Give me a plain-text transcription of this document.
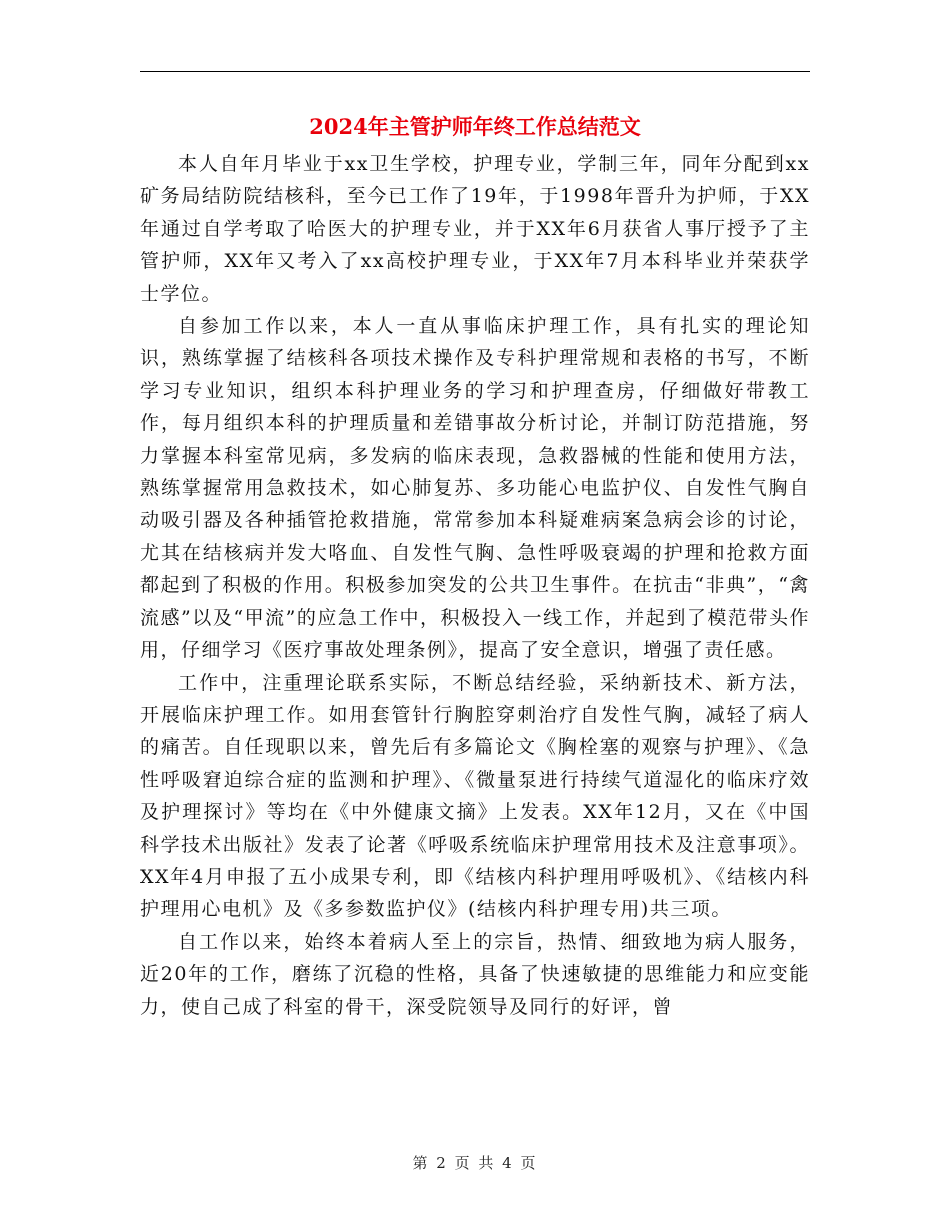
2024年主管护师年终工作总结范文

本人自年月毕业于xx卫生学校，护理专业，学制三年，同年分配到xx矿务局结防院结核科，至今已工作了19年，于1998年晋升为护师，于XX年通过自学考取了哈医大的护理专业，并于XX年6月获省人事厅授予了主管护师，XX年又考入了xx高校护理专业，于XX年7月本科毕业并荣获学士学位。

自参加工作以来，本人一直从事临床护理工作，具有扎实的理论知识，熟练掌握了结核科各项技术操作及专科护理常规和表格的书写，不断学习专业知识，组织本科护理业务的学习和护理查房，仔细做好带教工作，每月组织本科的护理质量和差错事故分析讨论，并制订防范措施，努力掌握本科室常见病，多发病的临床表现，急救器械的性能和使用方法，熟练掌握常用急救技术，如心肺复苏、多功能心电监护仪、自发性气胸自动吸引器及各种插管抢救措施，常常参加本科疑难病案急病会诊的讨论，尤其在结核病并发大咯血、自发性气胸、急性呼吸衰竭的护理和抢救方面都起到了积极的作用。积极参加突发的公共卫生事件。在抗击“非典”，“禽流感”以及“甲流”的应急工作中，积极投入一线工作，并起到了模范带头作用，仔细学习《医疗事故处理条例》，提高了安全意识，增强了责任感。

工作中，注重理论联系实际，不断总结经验，采纳新技术、新方法，开展临床护理工作。如用套管针行胸腔穿刺治疗自发性气胸，减轻了病人的痛苦。自任现职以来，曾先后有多篇论文《胸栓塞的观察与护理》、《急性呼吸窘迫综合症的监测和护理》、《微量泵进行持续气道湿化的临床疗效及护理探讨》等均在《中外健康文摘》上发表。XX年12月，又在《中国科学技术出版社》发表了论著《呼吸系统临床护理常用技术及注意事项》。XX年4月申报了五小成果专利，即《结核内科护理用呼吸机》、《结核内科护理用心电机》及《多参数监护仪》(结核内科护理专用)共三项。

自工作以来，始终本着病人至上的宗旨，热情、细致地为病人服务，近20年的工作，磨练了沉稳的性格，具备了快速敏捷的思维能力和应变能力，使自己成了科室的骨干，深受院领导及同行的好评，曾

第 2 页 共 4 页
